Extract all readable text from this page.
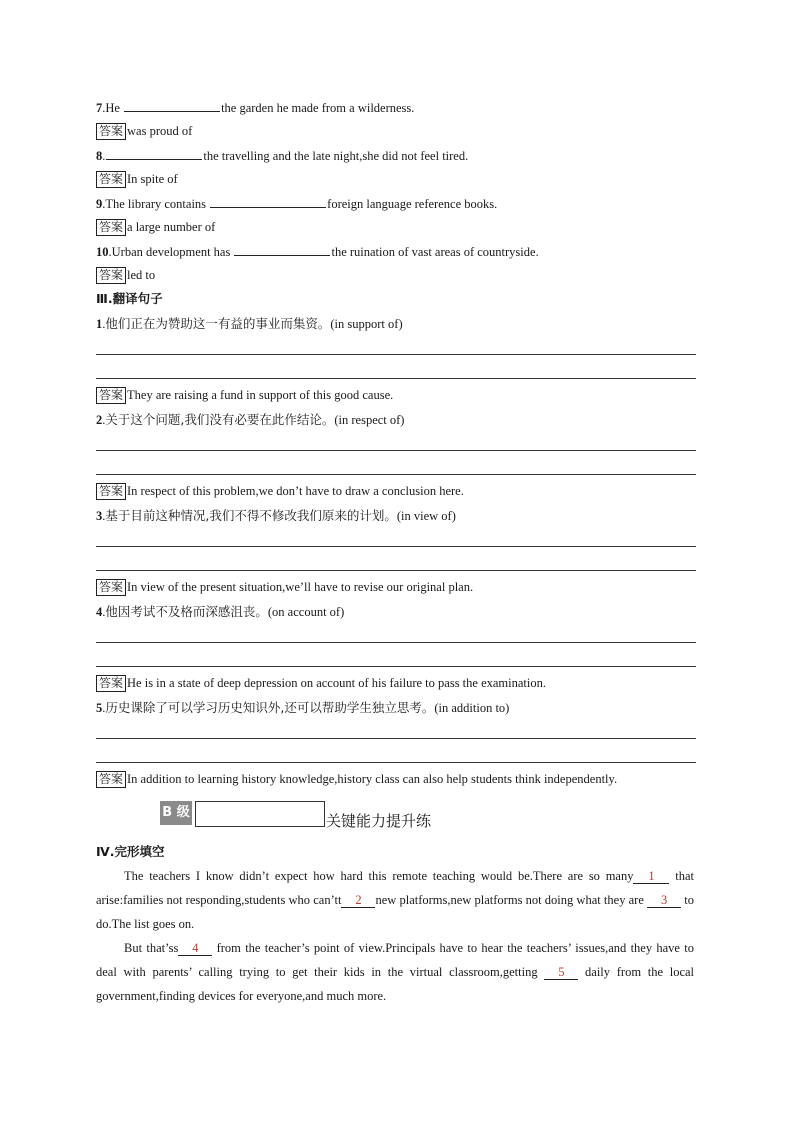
7.He	the garden he made from a wilderness.
答案 was proud of
8.	the travelling and the late night,she did not feel tired.
答案 In spite of
9.The library contains	foreign language reference books.
答案 a large number of
10.Urban development has	the ruination of vast areas of countryside.
答案 led to
Ⅲ.翻译句子
1.他们正在为赞助这一有益的事业而集资。(in support of)
答案 They are raising a fund in support of this good cause.
2.关于这个问题,我们没有必要在此作结论。(in respect of)
答案 In respect of this problem,we don’t have to draw a conclusion here.
3.基于目前这种情况,我们不得不修改我们原来的计划。(in view of)
答案 In view of the present situation,we’ll have to revise our original plan.
4.他因考试不及格而深感沮丧。(on account of)
答案 He is in a state of deep depression on account of his failure to pass the examination.
5.历史课除了可以学习历史知识外,还可以帮助学生独立思考。(in addition to)
答案 In addition to learning history knowledge,history class can also help students think independently.
Ⅳ.完形填空
The teachers I know didn’t expect how hard this remote teaching would be.There are so many 1 that arise:families not responding,students who can’tt 2 new platforms,new platforms not doing what they are 3 to do.The list goes on.
But that’ss 4 from the teacher’s point of view.Principals have to hear the teachers’ issues,and they have to deal with parents’ calling trying to get their kids in the virtual classroom,getting 5 daily from the local government,finding devices for everyone,and much more.
B 级	关键能力提升练
